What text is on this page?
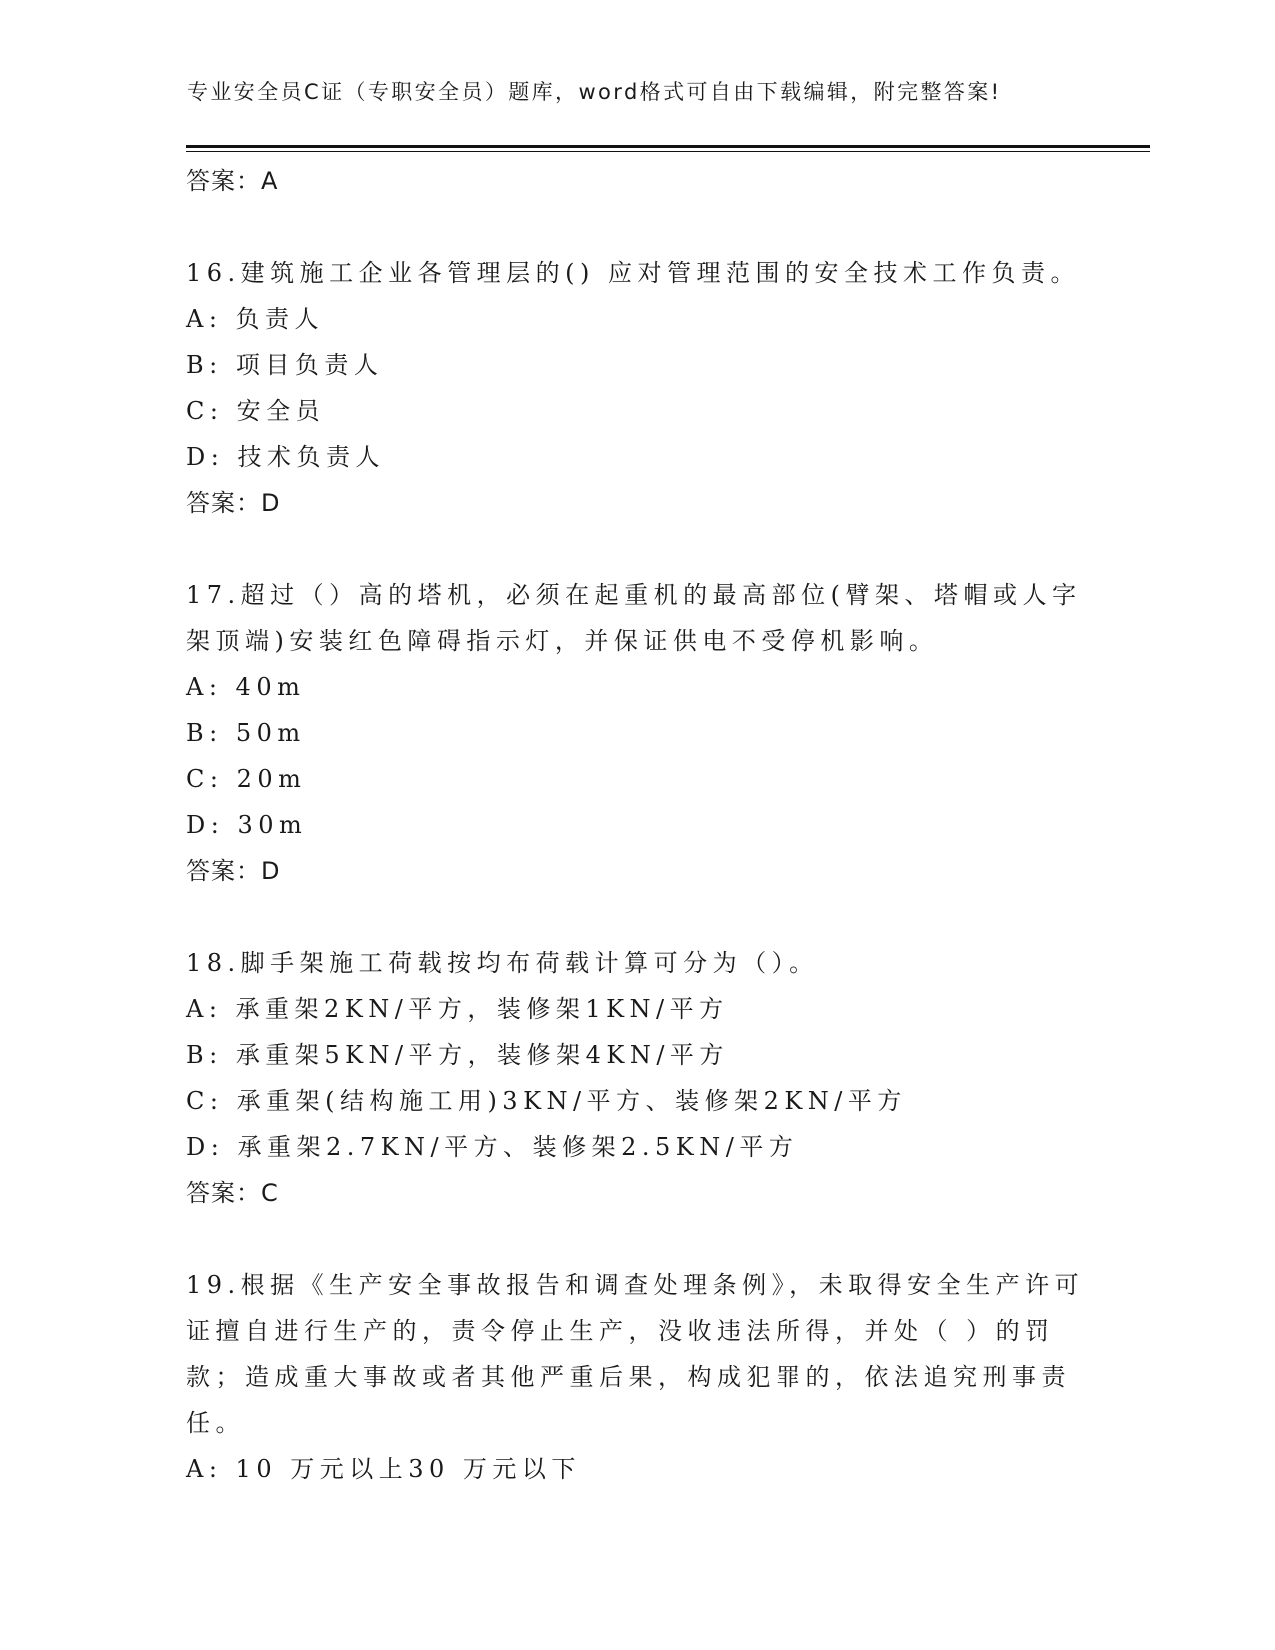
专业安全员C证（专职安全员）题库，word格式可自由下载编辑，附完整答案!
答案：A
16.建筑施工企业各管理层的() 应对管理范围的安全技术工作负责。
A: 负责人
B: 项目负责人
C: 安全员
D: 技术负责人
答案：D
17.超过（）高的塔机，必须在起重机的最高部位(臂架、塔帽或人字
架顶端)安装红色障碍指示灯，并保证供电不受停机影响。
A: 40m
B: 50m
C: 20m
D: 30m
答案：D
18.脚手架施工荷载按均布荷载计算可分为（）。
A: 承重架2KN/平方，装修架1KN/平方
B: 承重架5KN/平方，装修架4KN/平方
C: 承重架(结构施工用)3KN/平方、装修架2KN/平方
D: 承重架2.7KN/平方、装修架2.5KN/平方
答案：C
19.根据《生产安全事故报告和调查处理条例》，未取得安全生产许可
证擅自进行生产的，责令停止生产，没收违法所得，并处（ ）的罚
款；造成重大事故或者其他严重后果，构成犯罪的，依法追究刑事责
任。
A: 10 万元以上30 万元以下
